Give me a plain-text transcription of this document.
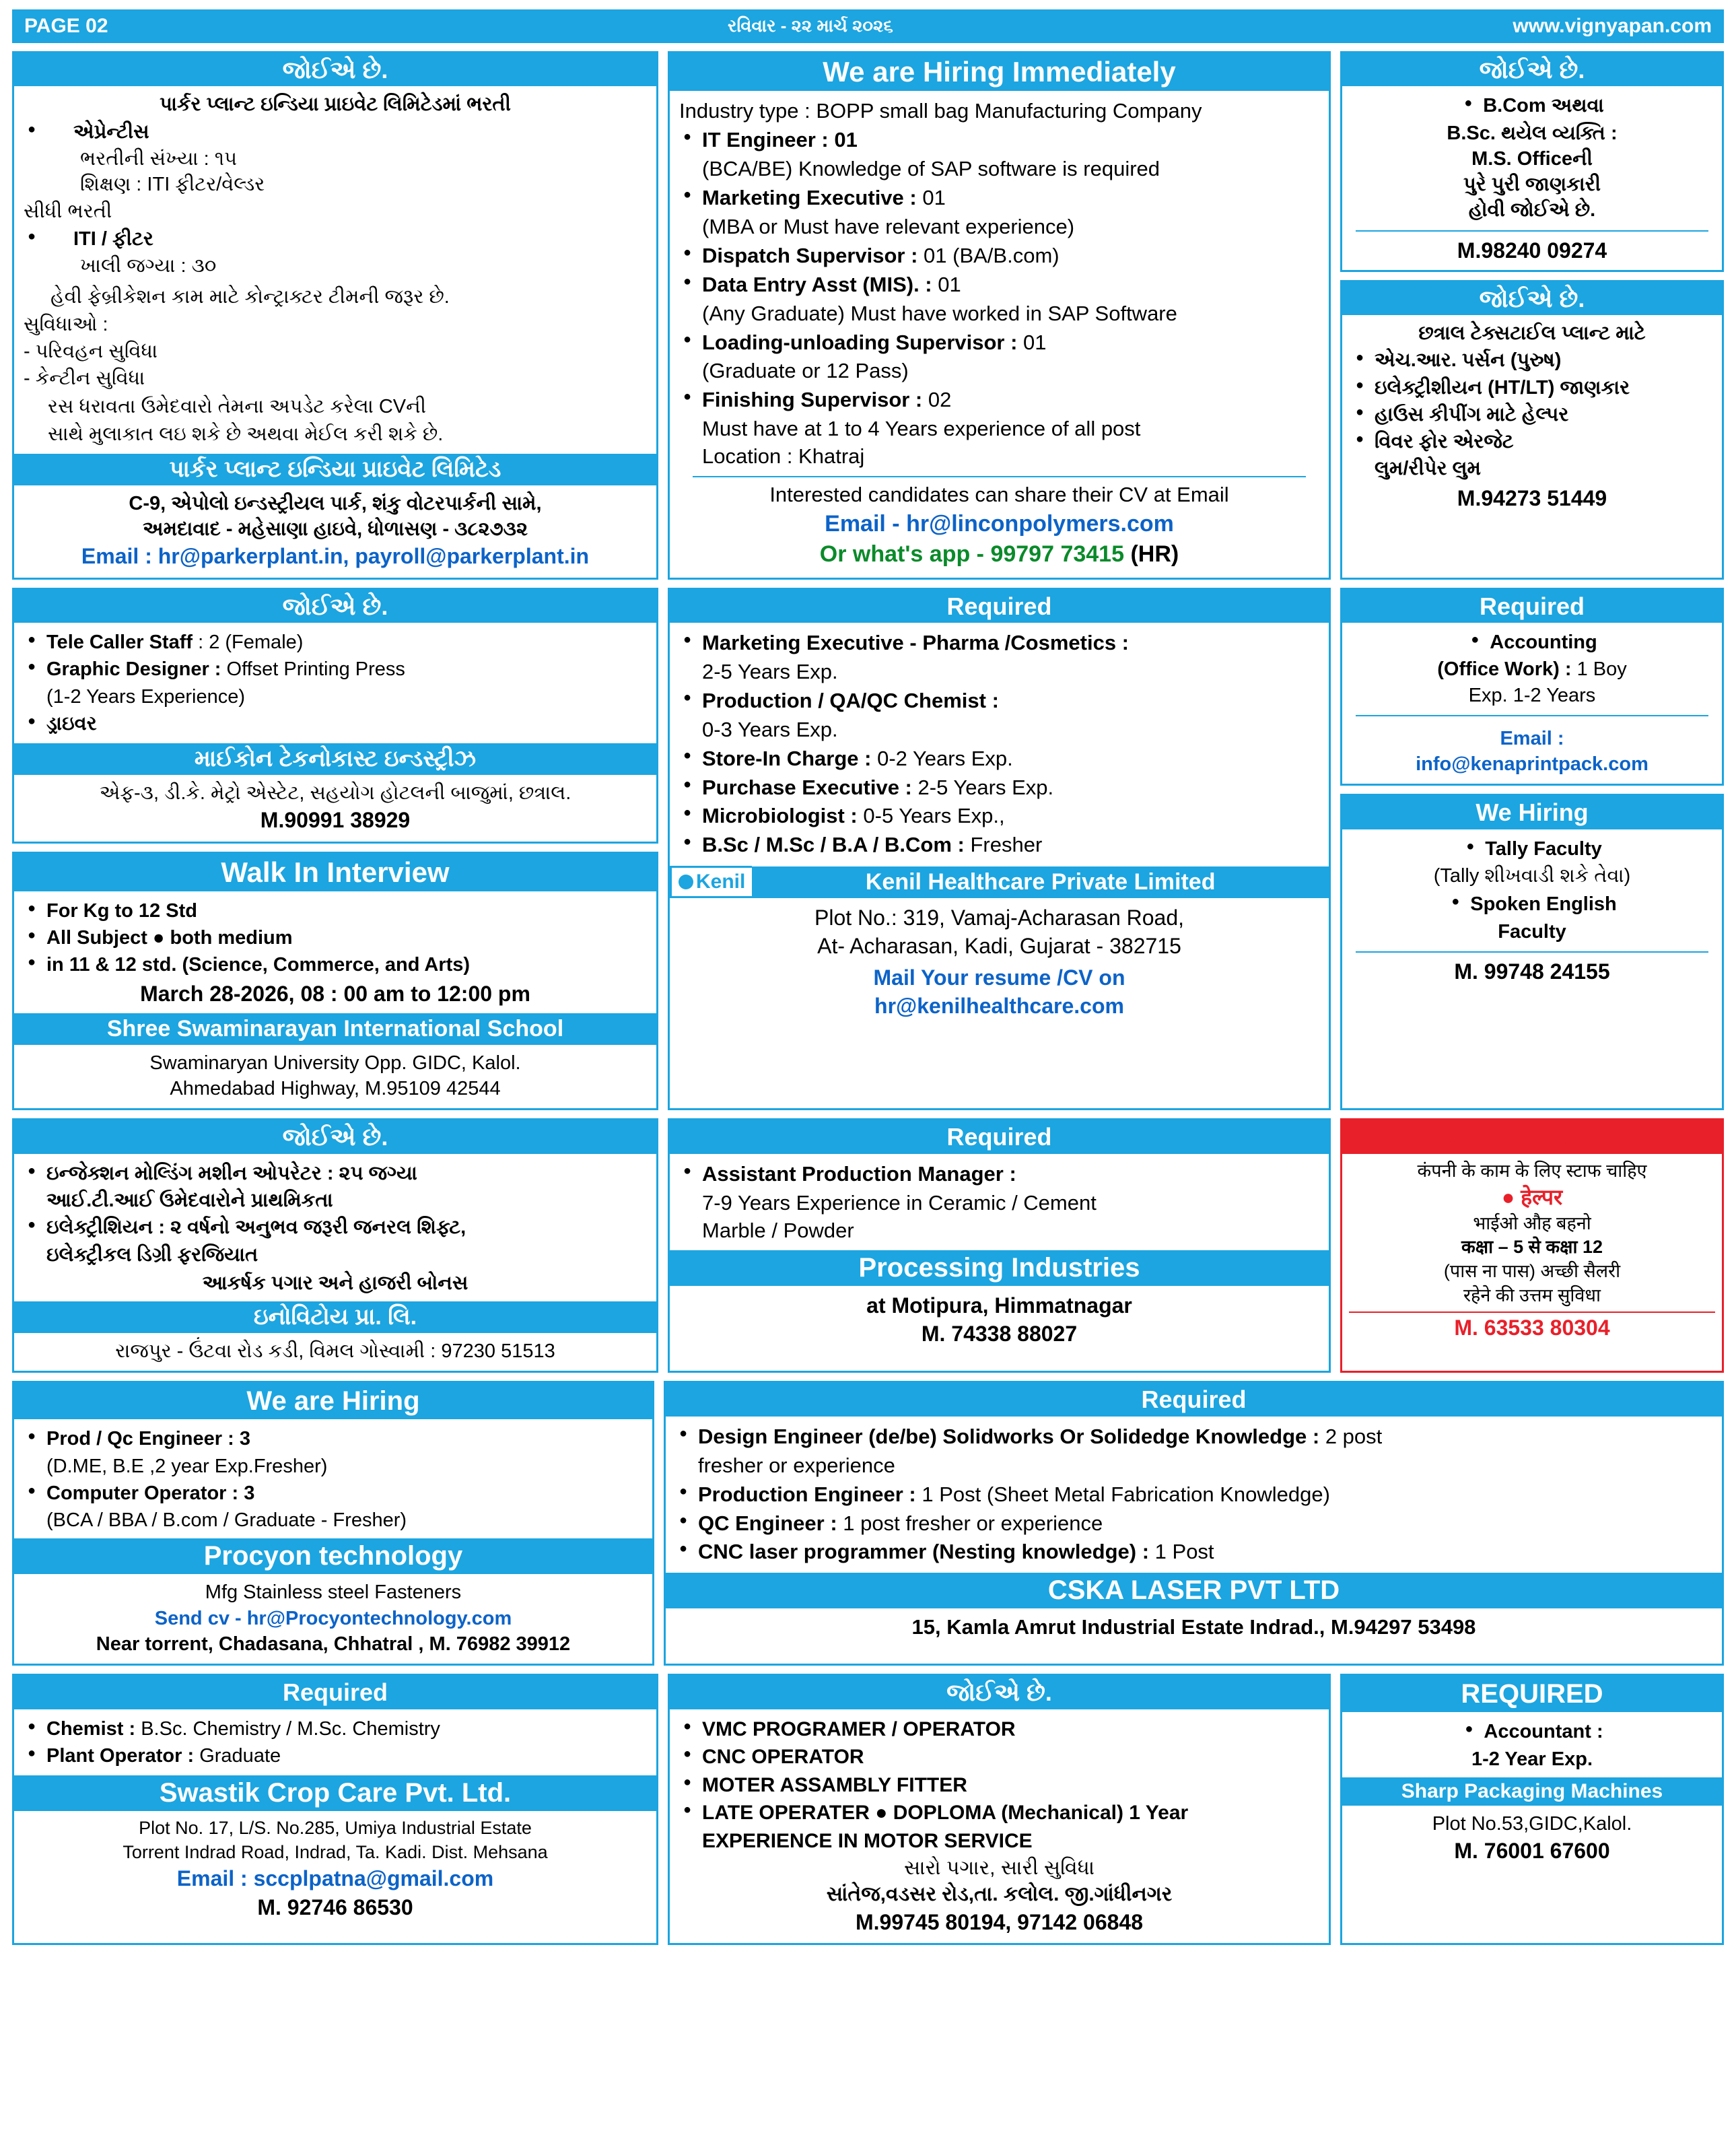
PAGE 02	રવિવાર - ૨૨ માર્ચ ૨૦૨૬	www.vignyapan.com
જોઈએ છે.
પાર્કર પ્લાન્ટ ઇન્ડિયા પ્રાઇવેટ લિમિટેડમાં ભરતી
● એપ્રેન્ટીસ
ભરતીની સંખ્યા : ૧૫
શિક્ષણ : ITI ફીટર/વેલ્ડર
સીધી ભરતી
● ITI / ફીટર
ખાલી જગ્યા : ૩૦
હેવી ફેબ્રીકેશન કામ માટે કોન્ટ્રાક્ટર ટીમની જરૂર છે.
સુવિધાઓ :
- પરિવહન સુવિધા
- કેન્ટીન સુવિધા
રસ ધરાવતા ઉમેદવારો તેમના અપડેટ કરેલા CVની
સાથે મુલાકાત લઇ શકે છે અથવા મેઈલ કરી શકે છે.
પાર્કર પ્લાન્ટ ઇન્ડિયા પ્રાઇવેટ લિમિટેડ
C-9, એપોલો ઇન્ડસ્ટ્રીયલ પાર્ક, શંકુ વોટરપાર્કની સામે,
અમદાવાદ - મહેસાણા હાઇવે, ધોળાસણ - ૩૮૨૭૩૨
Email : hr@parkerplant.in, payroll@parkerplant.in
We are Hiring Immediately
Industry type : BOPP small bag Manufacturing Company
● IT Engineer : 01
(BCA/BE) Knowledge of SAP software is required
● Marketing Executive : 01
(MBA or Must have relevant experience)
● Dispatch Supervisor : 01 (BA/B.com)
● Data Entry Asst (MIS). : 01
(Any Graduate) Must have worked in SAP Software
● Loading-unloading Supervisor : 01
(Graduate or 12 Pass)
● Finishing Supervisor : 02
Must have at 1 to 4 Years experience of all post
Location : Khatraj
Interested candidates can share their CV at Email
Email - hr@linconpolymers.com
Or what's app - 99797 73415 (HR)
જોઈએ છે.
● B.Com અથવા
B.Sc. થયેલ વ્યક્તિ :
M.S. Officeની
પુરે પુરી જાણકારી
હોવી જોઈએ છે.
M.98240 09274
જોઈએ છે.
છત્રાલ ટેક્સટાઈલ પ્લાન્ટ માટે
● એચ.આર. પર્સન (પુરુષ)
● ઇલેક્ટ્રીશીયન (HT/LT) જાણકાર
● હાઉસ કીપીંગ માટે હેલ્પર
● વિવર ફોર એરજેટ
લુમ/રીપેર લુમ
M.94273 51449
જોઈએ છે.
● Tele Caller Staff : 2 (Female)
● Graphic Designer : Offset Printing Press
(1-2 Years Experience)
● ડ્રાઇવર
માઈકોન ટેકનોકાસ્ટ ઇન્ડસ્ટ્રીઝ
એફ-૩, ડી.કે. મેટ્રો એસ્ટેટ, સહયોગ હોટલની બાજુમાં, છત્રાલ.
M.90991 38929
Walk In Interview
● For Kg to 12 Std
● All Subject ● both medium
● in 11 & 12 std. (Science, Commerce, and Arts)
March 28-2026, 08 : 00 am to 12:00 pm
Shree Swaminarayan International School
Swaminaryan University Opp. GIDC, Kalol.
Ahmedabad Highway, M.95109 42544
Required
● Marketing Executive - Pharma /Cosmetics :
2-5 Years Exp.
● Production / QA/QC Chemist :
0-3 Years Exp.
● Store-In Charge : 0-2 Years Exp.
● Purchase Executive : 2-5 Years Exp.
● Microbiologist : 0-5 Years Exp.,
● B.Sc / M.Sc / B.A / B.Com : Fresher
Kenil	Kenil Healthcare Private Limited
Plot No.: 319, Vamaj-Acharasan Road,
At- Acharasan, Kadi, Gujarat - 382715
Mail Your resume /CV on
hr@kenilhealthcare.com
Required
● Accounting
(Office Work) : 1 Boy
Exp. 1-2 Years
Email :
info@kenaprintpack.com
We Hiring
● Tally Faculty
(Tally શીખવાડી શકે તેવા)
● Spoken English
Faculty
M. 99748 24155
જોઈએ છે.
● ઇન્જેક્શન મોલ્ડિંગ મશીન ઓપરેટર : ૨૫ જગ્યા
આઈ.ટી.આઈ ઉમેદવારોને પ્રાથમિકતા
● ઇલેક્ટ્રીશિયન : ૨ વર્ષનો અનુભવ જરૂરી જનરલ શિફ્ટ,
ઇલેક્ટ્રીકલ ડિગ્રી ફરજિયાત
આકર્ષક પગાર અને હાજરી બોનસ
ઇનોવિટોય પ્રા. લિ.
રાજપુર - ઉંટવા રોડ કડી, વિમલ ગોસ્વામી : 97230 51513
Required
● Assistant Production Manager :
7-9 Years Experience in Ceramic / Cement
Marble / Powder
Processing Industries
at Motipura, Himmatnagar
M. 74338 88027
Staff Required
कंपनी के काम के लिए स्टाफ चाहिए
● हेल्पर
भाईओ औह बहनो
कक्षा – 5 से कक्षा 12
(पास ना पास) अच्छी सैलरी
रहेने की उत्तम सुविधा
M. 63533 80304
We are Hiring
● Prod / Qc Engineer : 3
(D.ME, B.E ,2 year Exp.Fresher)
● Computer Operator : 3
(BCA / BBA / B.com / Graduate - Fresher)
Procyon technology
Mfg Stainless steel Fasteners
Send cv - hr@Procyontechnology.com
Near torrent, Chadasana, Chhatral , M. 76982 39912
Required
● Design Engineer (de/be) Solidworks Or Solidedge Knowledge : 2 post
fresher or experience
● Production Engineer : 1 Post (Sheet Metal Fabrication Knowledge)
● QC Engineer : 1 post fresher or experience
● CNC laser programmer (Nesting knowledge) : 1 Post
CSKA LASER PVT LTD
15, Kamla Amrut Industrial Estate Indrad., M.94297 53498
Required
● Chemist : B.Sc. Chemistry / M.Sc. Chemistry
● Plant Operator : Graduate
Swastik Crop Care Pvt. Ltd.
Plot No. 17, L/S. No.285, Umiya Industrial Estate
Torrent Indrad Road, Indrad, Ta. Kadi. Dist. Mehsana
Email : sccplpatna@gmail.com
M. 92746 86530
જોઈએ છે.
● VMC PROGRAMER / OPERATOR
● CNC OPERATOR
● MOTER ASSAMBLY FITTER
● LATE OPERATER ● DOPLOMA (Mechanical) 1 Year
EXPERIENCE IN MOTOR SERVICE
સારો પગાર, સારી સુવિધા
સાંતેજ,વડસર રોડ,તા. કલોલ. જી.ગાંધીનગર
M.99745 80194, 97142 06848
REQUIRED
● Accountant :
1-2 Year Exp.
Sharp Packaging Machines
Plot No.53,GIDC,Kalol.
M. 76001 67600
